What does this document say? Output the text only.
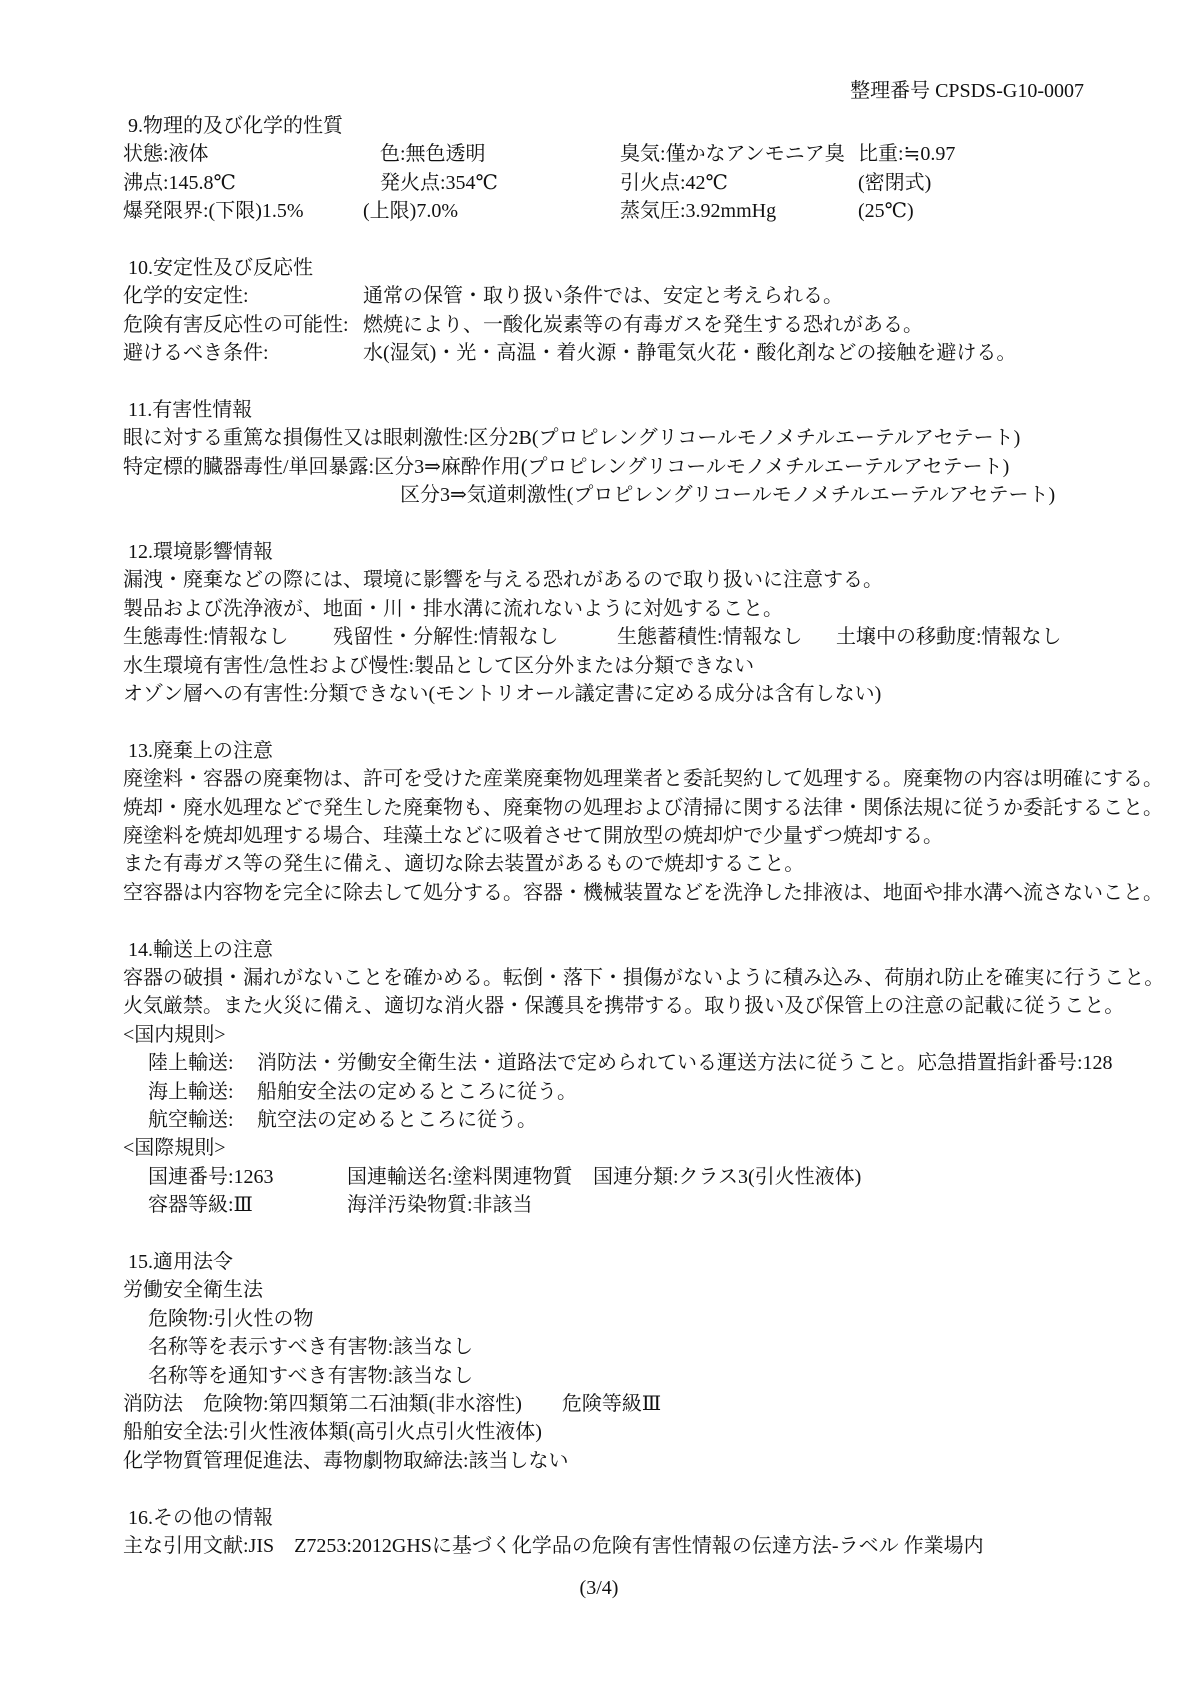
整理番号 CPSDS-G10-0007
9.物理的及び化学的性質
状態:液体	色:無色透明	臭気:僅かなアンモニア臭 比重:≒0.97
沸点:145.8℃	発火点:354℃	引火点:42℃	(密閉式)
爆発限界:(下限)1.5%	(上限)7.0%	蒸気圧:3.92mmHg	(25℃)
10.安定性及び反応性
化学的安定性:	通常の保管・取り扱い条件では、安定と考えられる。
危険有害反応性の可能性: 燃焼により、一酸化炭素等の有毒ガスを発生する恐れがある。
避けるべき条件:	水(湿気)・光・高温・着火源・静電気火花・酸化剤などの接触を避ける。
11.有害性情報
眼に対する重篤な損傷性又は眼刺激性:区分2B(プロピレングリコールモノメチルエーテルアセテート)
特定標的臓器毒性/単回暴露:区分3⇒麻酔作用(プロピレングリコールモノメチルエーテルアセテート)
区分3⇒気道刺激性(プロピレングリコールモノメチルエーテルアセテート)
12.環境影響情報
漏洩・廃棄などの際には、環境に影響を与える恐れがあるので取り扱いに注意する。
製品および洗浄液が、地面・川・排水溝に流れないように対処すること。
生態毒性:情報なし 残留性・分解性:情報なし	生態蓄積性:情報なし 土壌中の移動度:情報なし
水生環境有害性/急性および慢性:製品として区分外または分類できない
オゾン層への有害性:分類できない(モントリオール議定書に定める成分は含有しない)
13.廃棄上の注意
廃塗料・容器の廃棄物は、許可を受けた産業廃棄物処理業者と委託契約して処理する。廃棄物の内容は明確にする。
焼却・廃水処理などで発生した廃棄物も、廃棄物の処理および清掃に関する法律・関係法規に従うか委託すること。
廃塗料を焼却処理する場合、珪藻土などに吸着させて開放型の焼却炉で少量ずつ焼却する。
また有毒ガス等の発生に備え、適切な除去装置があるもので焼却すること。
空容器は内容物を完全に除去して処分する。容器・機械装置などを洗浄した排液は、地面や排水溝へ流さないこと。
14.輸送上の注意
容器の破損・漏れがないことを確かめる。転倒・落下・損傷がないように積み込み、荷崩れ防止を確実に行うこと。
火気厳禁。また火災に備え、適切な消火器・保護具を携帯する。取り扱い及び保管上の注意の記載に従うこと。
<国内規則>
陸上輸送: 消防法・労働安全衛生法・道路法で定められている運送方法に従うこと。応急措置指針番号:128
海上輸送: 船舶安全法の定めるところに従う。
航空輸送: 航空法の定めるところに従う。
<国際規則>
国連番号:1263	国連輸送名:塗料関連物質 国連分類:クラス3(引火性液体)
容器等級:Ⅲ	海洋汚染物質:非該当
15.適用法令
労働安全衛生法
危険物:引火性の物
名称等を表示すべき有害物:該当なし
名称等を通知すべき有害物:該当なし
消防法　危険物:第四類第二石油類(非水溶性)　　危険等級Ⅲ
船舶安全法:引火性液体類(高引火点引火性液体)
化学物質管理促進法、毒物劇物取締法:該当しない
16.その他の情報
主な引用文献:JIS　Z7253:2012GHSに基づく化学品の危険有害性情報の伝達方法-ラベル 作業場内
(3/4)
